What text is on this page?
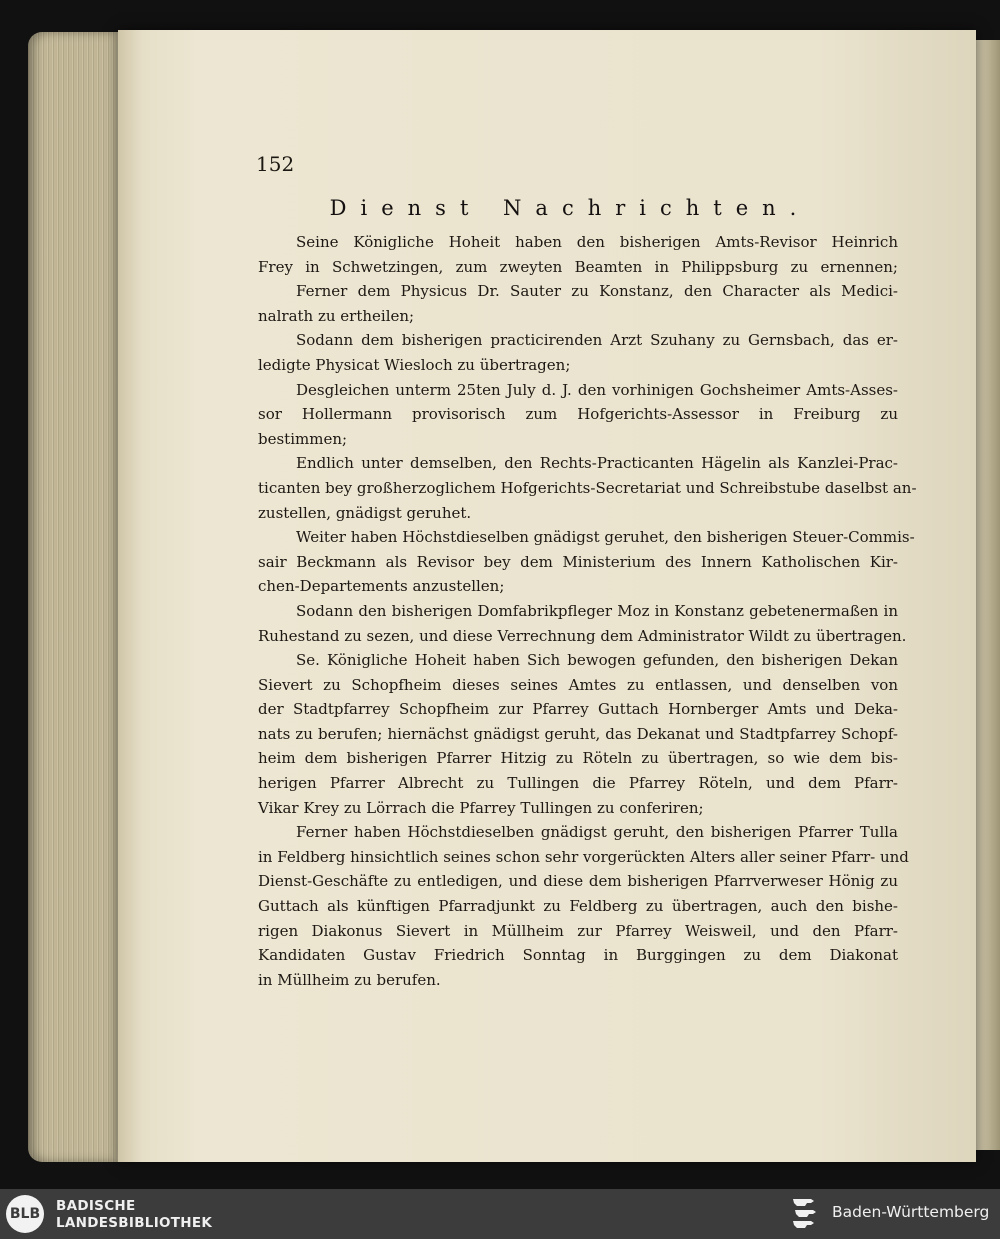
152
Dienst Nachrichten.
Seine Königliche Hoheit haben den bisherigen Amts-Revisor Heinrich
Frey in Schwetzingen, zum zweyten Beamten in Philippsburg zu ernennen;
Ferner dem Physicus Dr. Sauter zu Konstanz, den Character als Medici-
nalrath zu ertheilen;
Sodann dem bisherigen practicirenden Arzt Szuhany zu Gernsbach, das er-
ledigte Physicat Wiesloch zu übertragen;
Desgleichen unterm 25ten July d. J. den vorhinigen Gochsheimer Amts-Asses-
sor Hollermann provisorisch zum Hofgerichts-Assessor in Freiburg zu
bestimmen;
Endlich unter demselben, den Rechts-Practicanten Hägelin als Kanzlei-Prac-
ticanten bey großherzoglichem Hofgerichts-Secretariat und Schreibstube daselbst an-
zustellen, gnädigst geruhet.
Weiter haben Höchstdieselben gnädigst geruhet, den bisherigen Steuer-Commis-
sair Beckmann als Revisor bey dem Ministerium des Innern Katholischen Kir-
chen-Departements anzustellen;
Sodann den bisherigen Domfabrikpfleger Moz in Konstanz gebetenermaßen in
Ruhestand zu sezen, und diese Verrechnung dem Administrator Wildt zu übertragen.
Se. Königliche Hoheit haben Sich bewogen gefunden, den bisherigen Dekan
Sievert zu Schopfheim dieses seines Amtes zu entlassen, und denselben von
der Stadtpfarrey Schopfheim zur Pfarrey Guttach Hornberger Amts und Deka-
nats zu berufen; hiernächst gnädigst geruht, das Dekanat und Stadtpfarrey Schopf-
heim dem bisherigen Pfarrer Hitzig zu Röteln zu übertragen, so wie dem bis-
herigen Pfarrer Albrecht zu Tullingen die Pfarrey Röteln, und dem Pfarr-
Vikar Krey zu Lörrach die Pfarrey Tullingen zu conferiren;
Ferner haben Höchstdieselben gnädigst geruht, den bisherigen Pfarrer Tulla
in Feldberg hinsichtlich seines schon sehr vorgerückten Alters aller seiner Pfarr- und
Dienst-Geschäfte zu entledigen, und diese dem bisherigen Pfarrverweser Hönig zu
Guttach als künftigen Pfarradjunkt zu Feldberg zu übertragen, auch den bishe-
rigen Diakonus Sievert in Müllheim zur Pfarrey Weisweil, und den Pfarr-
Kandidaten Gustav Friedrich Sonntag in Burggingen zu dem Diakonat
in Müllheim zu berufen.
BLB BADISCHE
LANDESBIBLIOTHEK
Baden-Württemberg
